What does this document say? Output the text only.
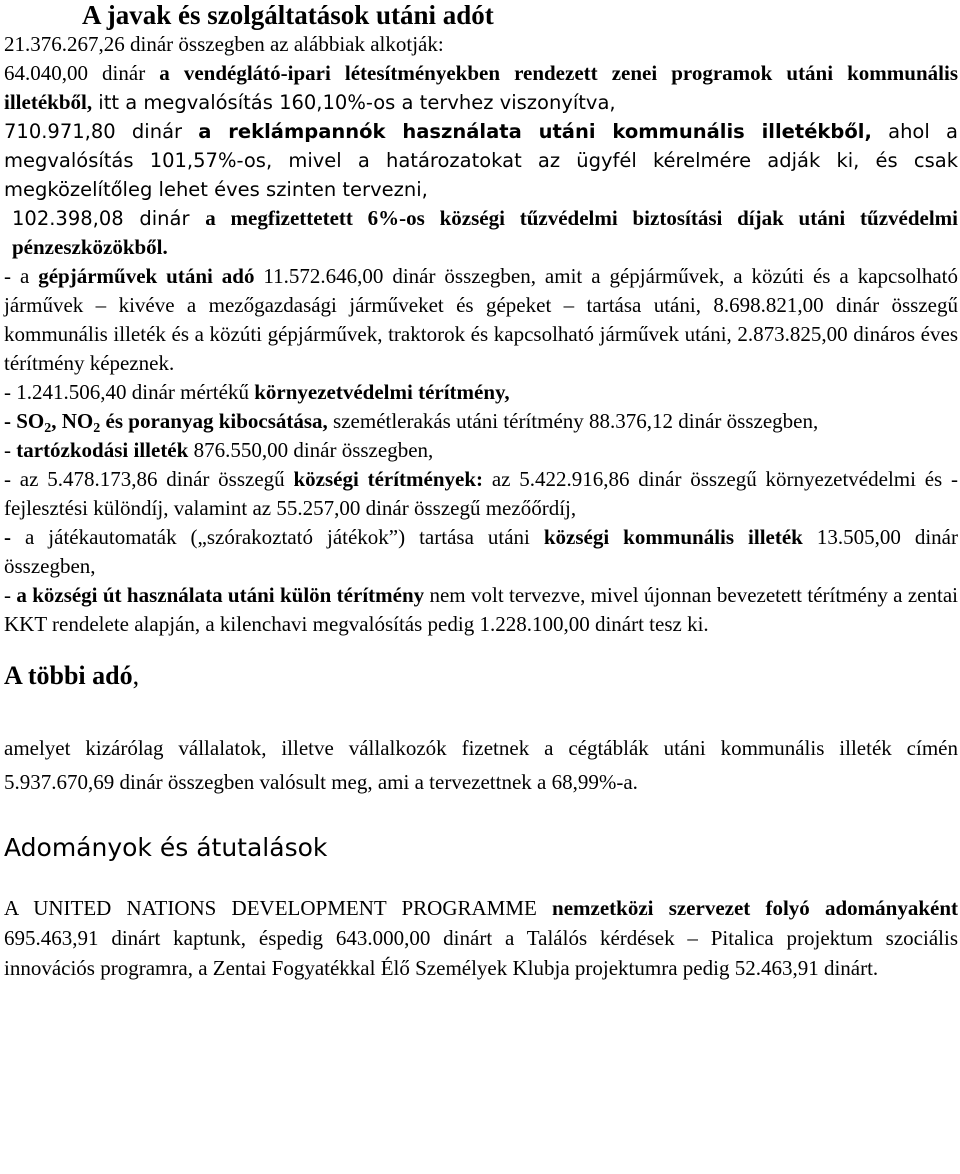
A javak és szolgáltatások utáni adót

21.376.267,26 dinár összegben az alábbiak alkotják:

64.040,00 dinár a vendéglátó-ipari létesítményekben rendezett zenei programok utáni kommunális illetékből, itt a megvalósítás 160,10%-os a tervhez viszonyítva,

710.971,80 dinár a reklámpannók használata utáni kommunális illetékből, ahol a megvalósítás 101,57%-os, mivel a határozatokat az ügyfél kérelmére adják ki, és csak megközelítőleg lehet éves szinten tervezni,

102.398,08 dinár a megfizettetett 6%-os községi tűzvédelmi biztosítási díjak utáni tűzvédelmi pénzeszközökből.

- a gépjárművek utáni adó 11.572.646,00 dinár összegben, amit a gépjárművek, a közúti és a kapcsolható járművek – kivéve a mezőgazdasági járműveket és gépeket – tartása utáni, 8.698.821,00 dinár összegű kommunális illeték és a közúti gépjárművek, traktorok és kapcsolható járművek utáni, 2.873.825,00 dináros éves térítmény képeznek.

- 1.241.506,40 dinár mértékű környezetvédelmi térítmény,

- $SO_2$, $NO_2$ és poranyag kibocsátása, szemétlerakás utáni térítmény 88.376,12 dinár összegben,

- tartózkodási illeték 876.550,00 dinár összegben,

- az 5.478.173,86 dinár összegű községi térítmények: az 5.422.916,86 dinár összegű környezetvédelmi és -fejlesztési különdíj, valamint az 55.257,00 dinár összegű mezőőrdíj,

- a játékautomaták („szórakoztató játékok”) tartása utáni községi kommunális illeték 13.505,00 dinár összegben,

- a községi út használata utáni külön térítmény nem volt tervezve, mivel újonnan bevezetett térítmény a zentai KKT rendelete alapján, a kilenchavi megvalósítás pedig 1.228.100,00 dinárt tesz ki.

A többi adó,

amelyet kizárólag vállalatok, illetve vállalkozók fizetnek a cégtáblák utáni kommunális illeték címén 5.937.670,69 dinár összegben valósult meg, ami a tervezettnek a 68,99%-a.

Adományok és átutalások

A UNITED NATIONS DEVELOPMENT PROGRAMME nemzetközi szervezet folyó adományaként 695.463,91 dinárt kaptunk, éspedig 643.000,00 dinárt a Találós kérdések – Pitalica projektum szociális innovációs programra, a Zentai Fogyatékkal Élő Személyek Klubja projektumra pedig 52.463,91 dinárt.
